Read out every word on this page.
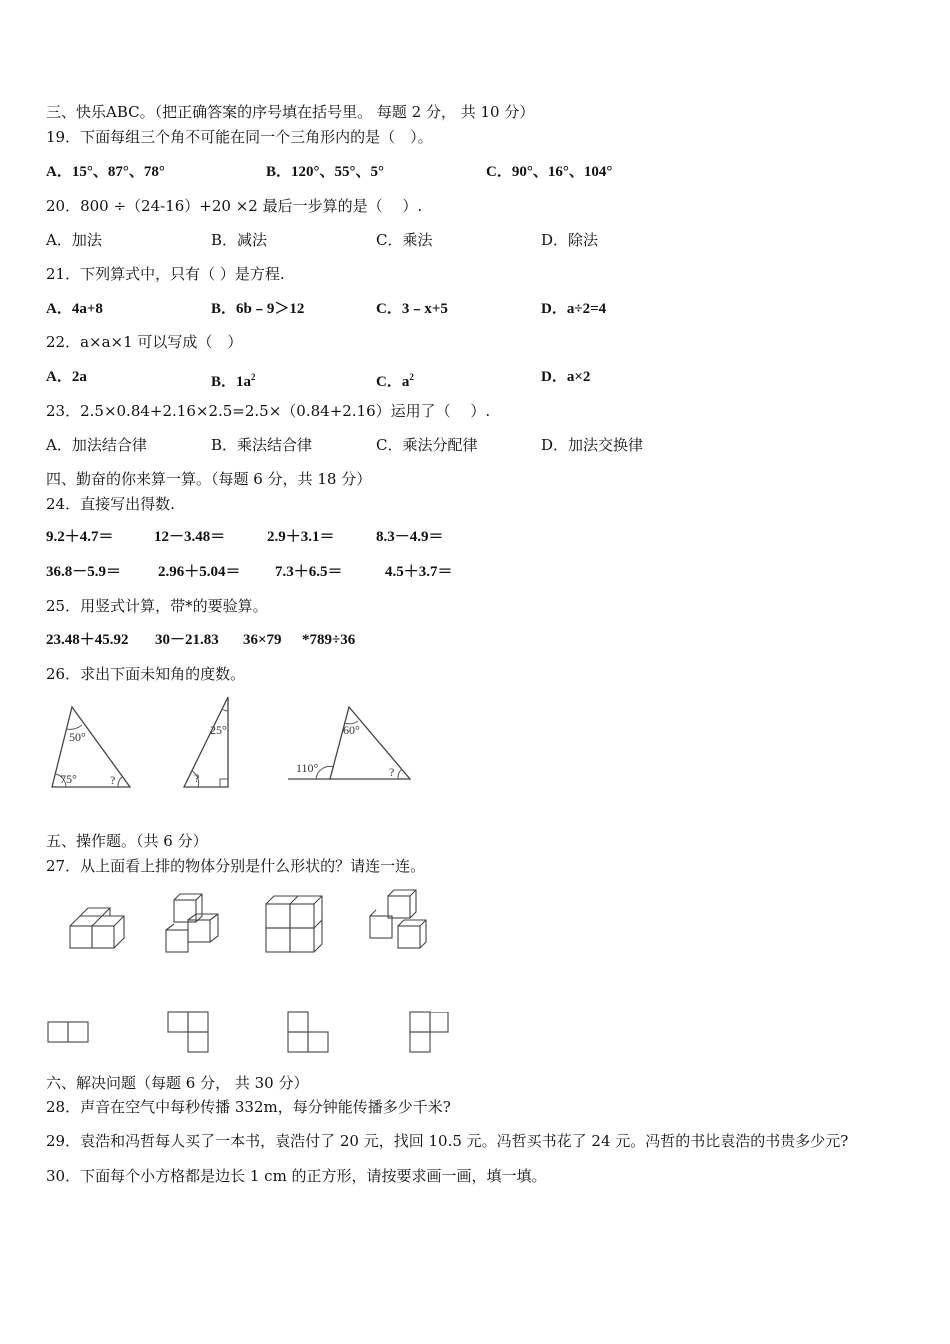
三、快乐ABC。（把正确答案的序号填在括号里。 每题 2 分， 共 10 分）
19．下面每组三个角不可能在同一个三角形内的是（　）。
A．15°、87°、78°	B．120°、55°、5°	C．90°、16°、104°
20．800 ÷（24-16）+20 ×2 最后一步算的是（　 ）.
A．加法	B．减法	C．乘法	D．除法
21．下列算式中，只有（ ）是方程.
A．4a+8	B．6b﹣9＞12	C．3﹣x+5	D．a÷2=4
22．a×a×1 可以写成（　）
A．2a	B．$1a^2$	C．$a^2$	D．a×2
23．2.5×0.84+2.16×2.5=2.5×（0.84+2.16）运用了（　 ）.
A．加法结合律	B．乘法结合律	C．乘法分配律	D．加法交换律
四、勤奋的你来算一算。（每题 6 分，共 18 分）
24．直接写出得数.
9.2＋4.7＝	12－3.48＝	2.9＋3.1＝	8.3－4.9＝
36.8－5.9＝ 2.96＋5.04＝ 7.3＋6.5＝	4.5＋3.7＝
25．用竖式计算，带*的要验算。
23.48＋45.92 30－21.83 36×79 *789÷36
26．求出下面未知角的度数。
50°
75°	?
25°
?
60°
110°	?
五、操作题。（共 6 分）
27．从上面看上排的物体分别是什么形状的？请连一连。
六、解决问题（每题 6 分， 共 30 分）
28．声音在空气中每秒传播 332m，每分钟能传播多少千米?
29．袁浩和冯哲每人买了一本书，袁浩付了 20 元，找回 10.5 元。冯哲买书花了 24 元。冯哲的书比袁浩的书贵多少元?
30．下面每个小方格都是边长 1 cm 的正方形，请按要求画一画，填一填。
